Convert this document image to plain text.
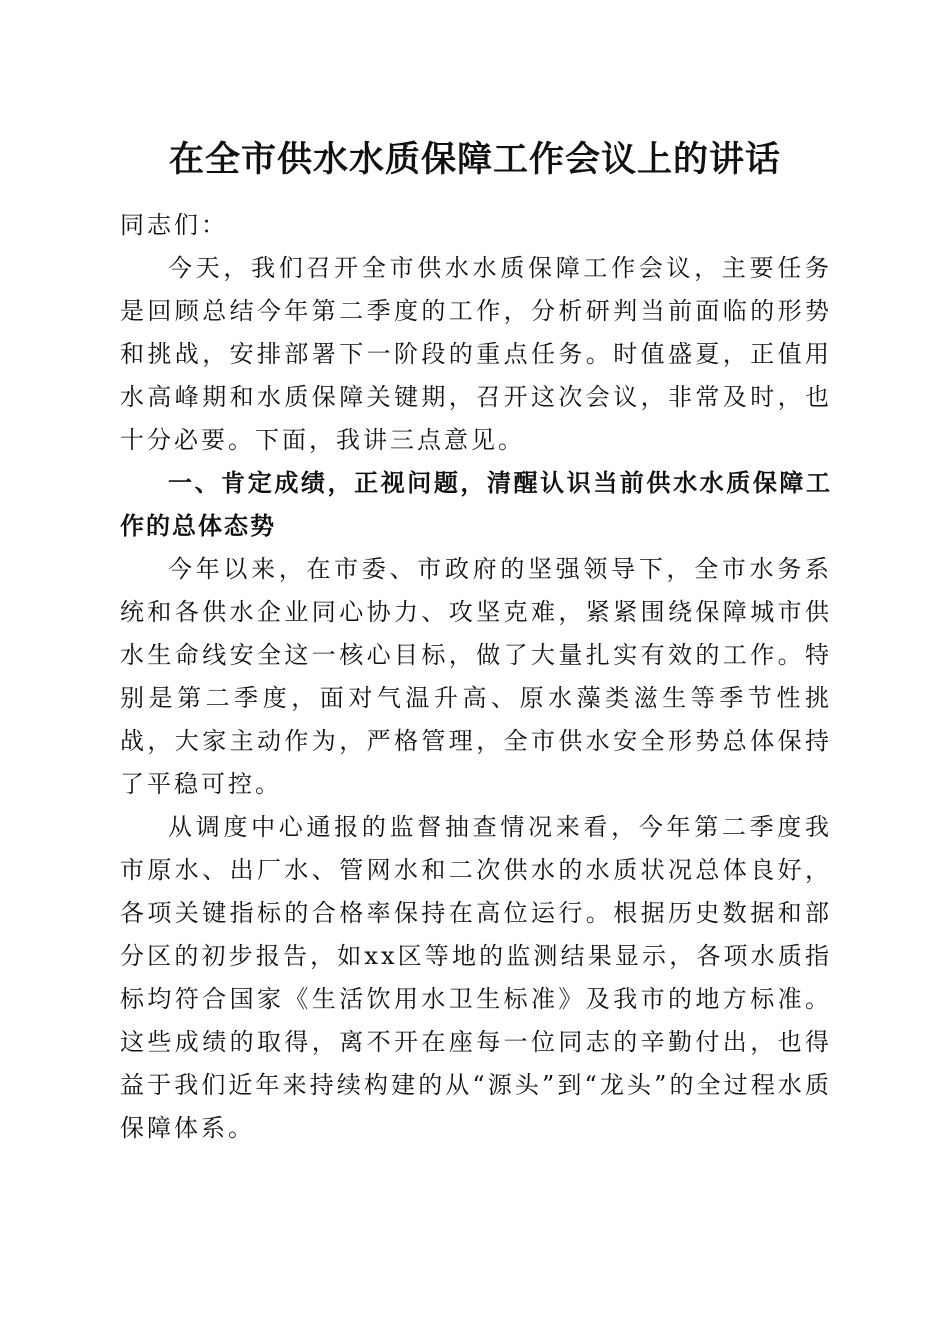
在全市供水水质保障工作会议上的讲话

同志们：

今天，我们召开全市供水水质保障工作会议，主要任务是回顾总结今年第二季度的工作，分析研判当前面临的形势和挑战，安排部署下一阶段的重点任务。时值盛夏，正值用水高峰期和水质保障关键期，召开这次会议，非常及时，也十分必要。下面，我讲三点意见。

一、肯定成绩，正视问题，清醒认识当前供水水质保障工作的总体态势

今年以来，在市委、市政府的坚强领导下，全市水务系统和各供水企业同心协力、攻坚克难，紧紧围绕保障城市供水生命线安全这一核心目标，做了大量扎实有效的工作。特别是第二季度，面对气温升高、原水藻类滋生等季节性挑战，大家主动作为，严格管理，全市供水安全形势总体保持了平稳可控。

从调度中心通报的监督抽查情况来看，今年第二季度我市原水、出厂水、管网水和二次供水的水质状况总体良好，各项关键指标的合格率保持在高位运行。根据历史数据和部分区的初步报告，如xx区等地的监测结果显示，各项水质指标均符合国家《生活饮用水卫生标准》及我市的地方标准。这些成绩的取得，离不开在座每一位同志的辛勤付出，也得益于我们近年来持续构建的从“源头”到“龙头”的全过程水质保障体系。
